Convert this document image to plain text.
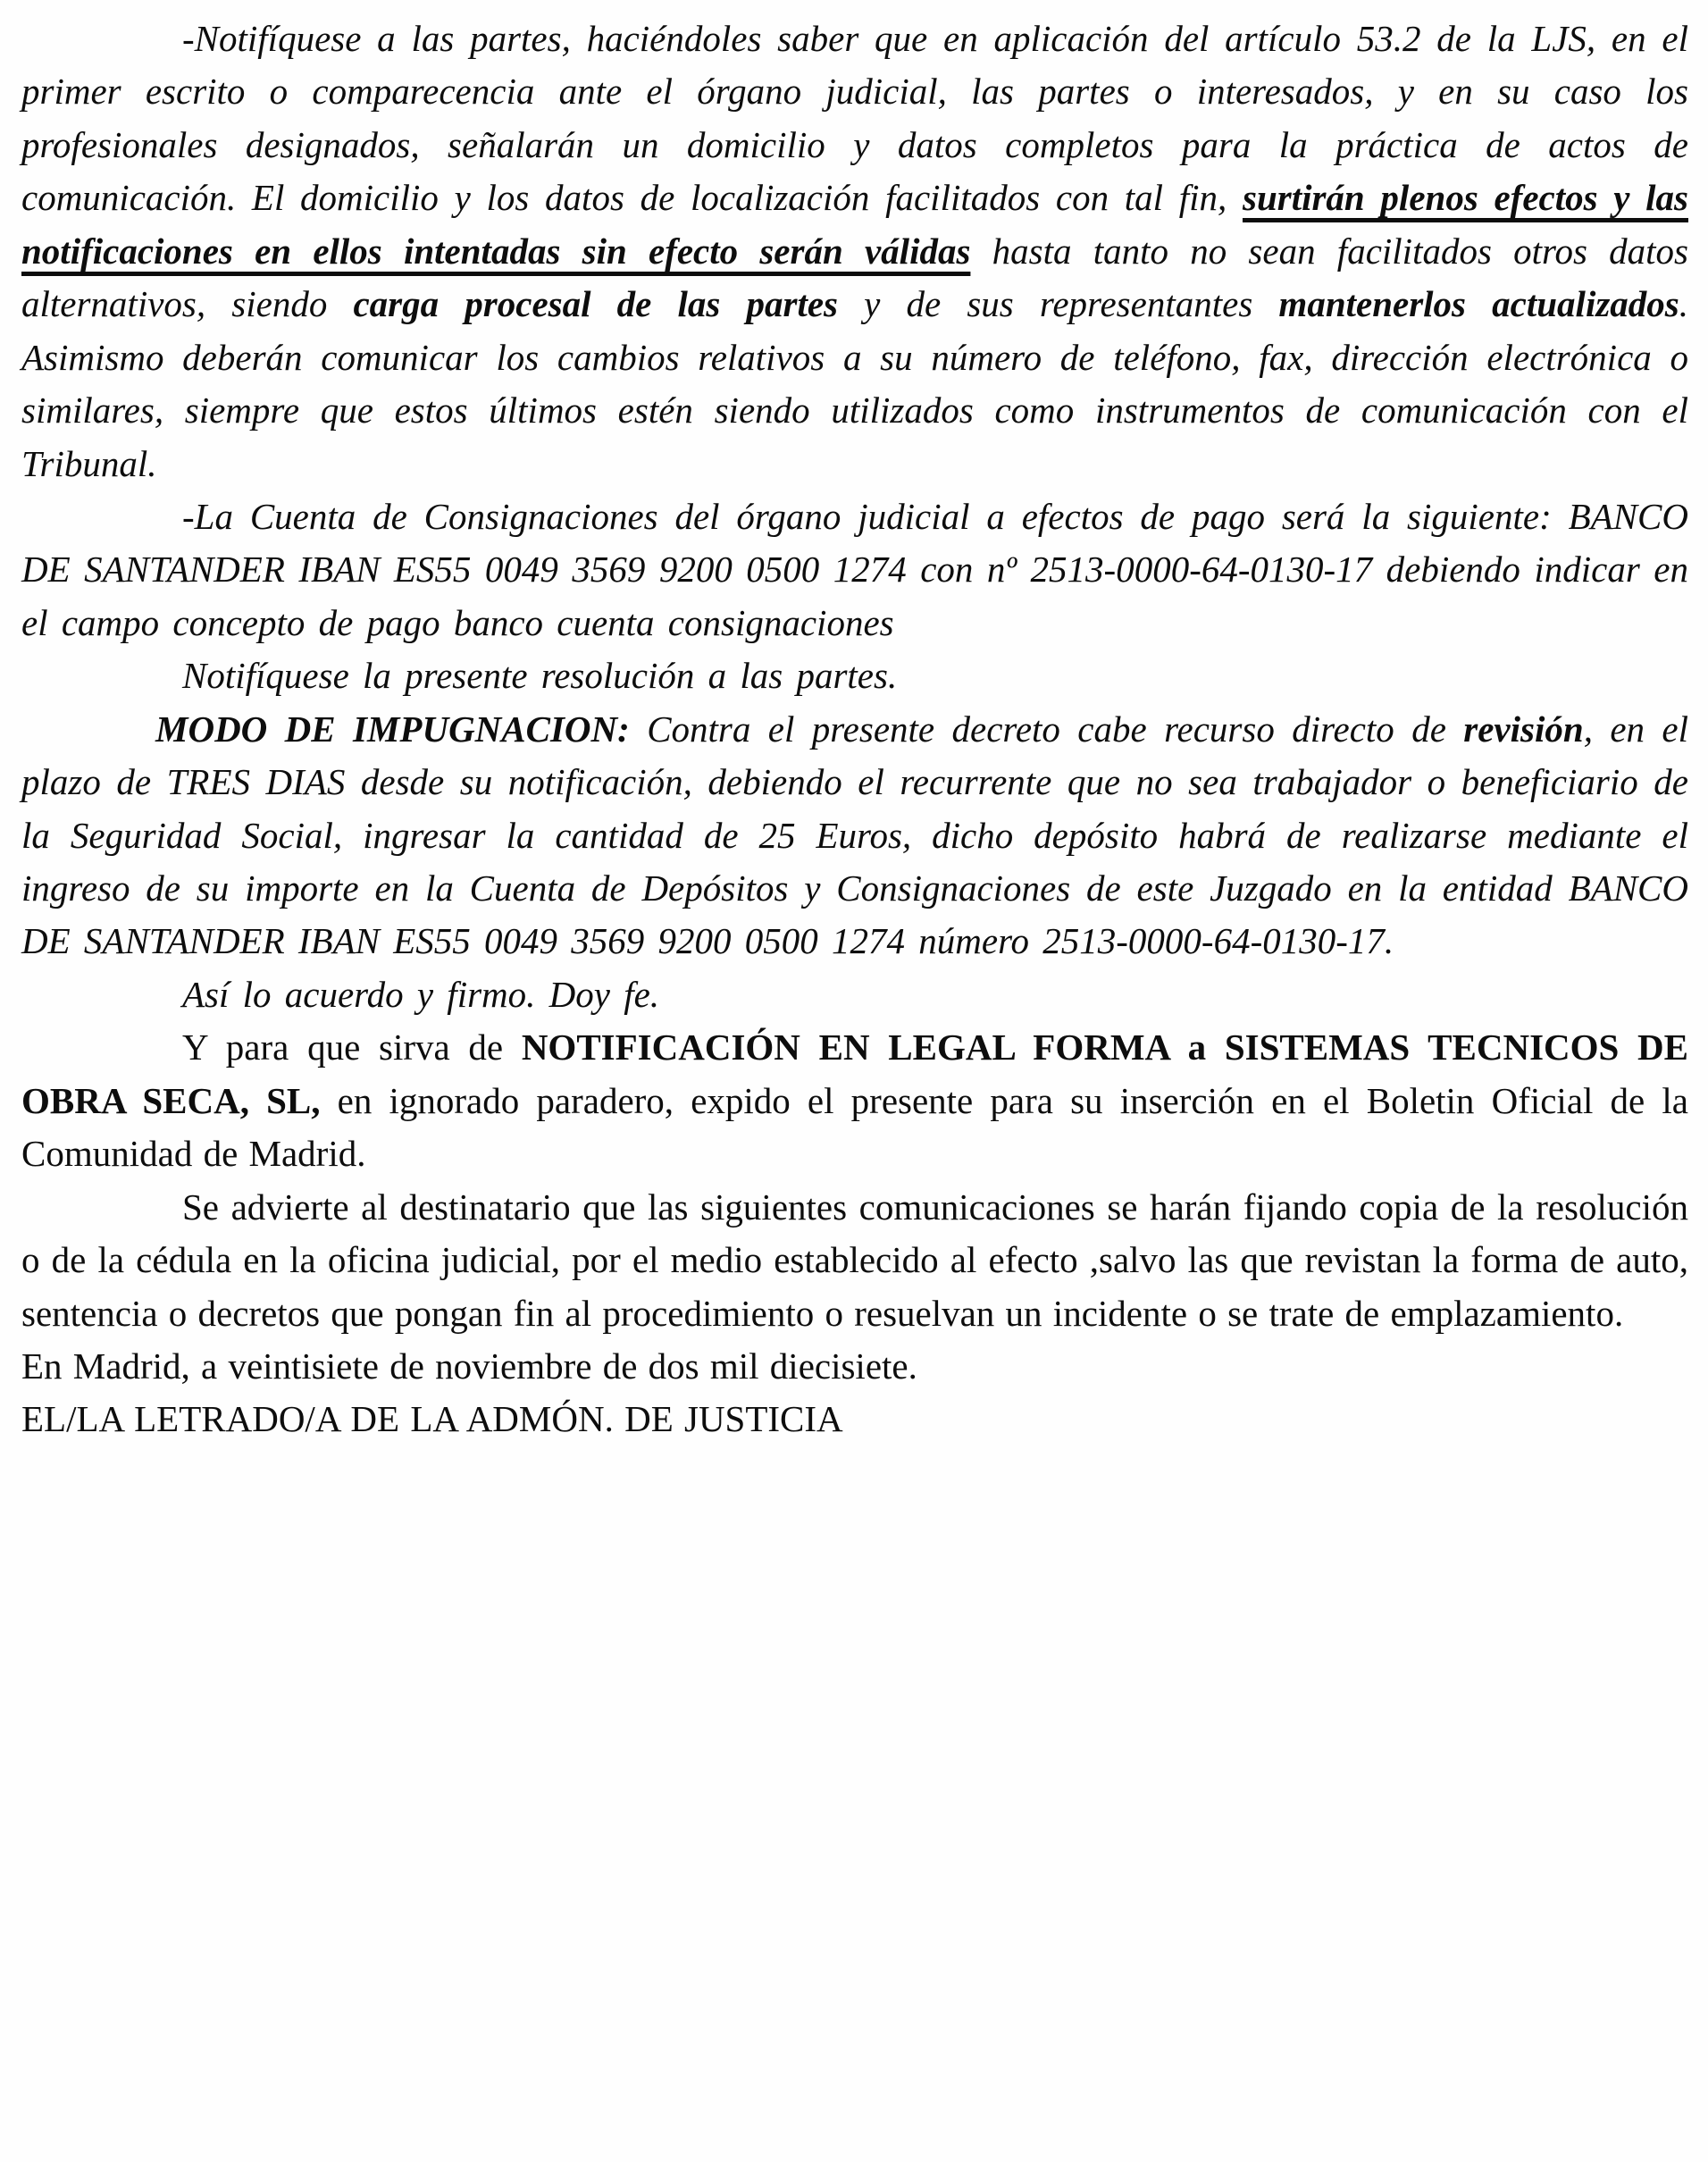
-Notifíquese a las partes, haciéndoles saber que en aplicación del artículo 53.2 de la LJS, en el primer escrito o comparecencia ante el órgano judicial, las partes o interesados, y en su caso los profesionales designados, señalarán un domicilio y datos completos para la práctica de actos de comunicación. El domicilio y los datos de localización facilitados con tal fin, surtirán plenos efectos y las notificaciones en ellos intentadas sin efecto serán válidas hasta tanto no sean facilitados otros datos alternativos, siendo carga procesal de las partes y de sus representantes mantenerlos actualizados. Asimismo deberán comunicar los cambios relativos a su número de teléfono, fax, dirección electrónica o similares, siempre que estos últimos estén siendo utilizados como instrumentos de comunicación con el Tribunal.

-La Cuenta de Consignaciones del órgano judicial a efectos de pago será la siguiente: BANCO DE SANTANDER IBAN ES55 0049 3569 9200 0500 1274 con nº 2513-0000-64-0130-17 debiendo indicar en el campo concepto de pago banco cuenta consignaciones

Notifíquese la presente resolución a las partes.

MODO DE IMPUGNACION: Contra el presente decreto cabe recurso directo de revisión, en el plazo de TRES DIAS desde su notificación, debiendo el recurrente que no sea trabajador o beneficiario de la Seguridad Social, ingresar la cantidad de 25 Euros, dicho depósito habrá de realizarse mediante el ingreso de su importe en la Cuenta de Depósitos y Consignaciones de este Juzgado en la entidad BANCO DE SANTANDER IBAN ES55 0049 3569 9200 0500 1274 número 2513-0000-64-0130-17.

Así lo acuerdo y firmo. Doy fe.

Y para que sirva de NOTIFICACIÓN EN LEGAL FORMA a SISTEMAS TECNICOS DE OBRA SECA, SL, en ignorado paradero, expido el presente para su inserción en el Boletin Oficial de la Comunidad de Madrid.

Se advierte al destinatario que las siguientes comunicaciones se harán fijando copia de la resolución o de la cédula en la oficina judicial, por el medio establecido al efecto ,salvo las que revistan la forma de auto, sentencia o decretos que pongan fin al procedimiento o resuelvan un incidente o se trate de emplazamiento.

En Madrid, a veintisiete de noviembre de dos mil diecisiete.

EL/LA LETRADO/A DE LA ADMÓN. DE JUSTICIA
